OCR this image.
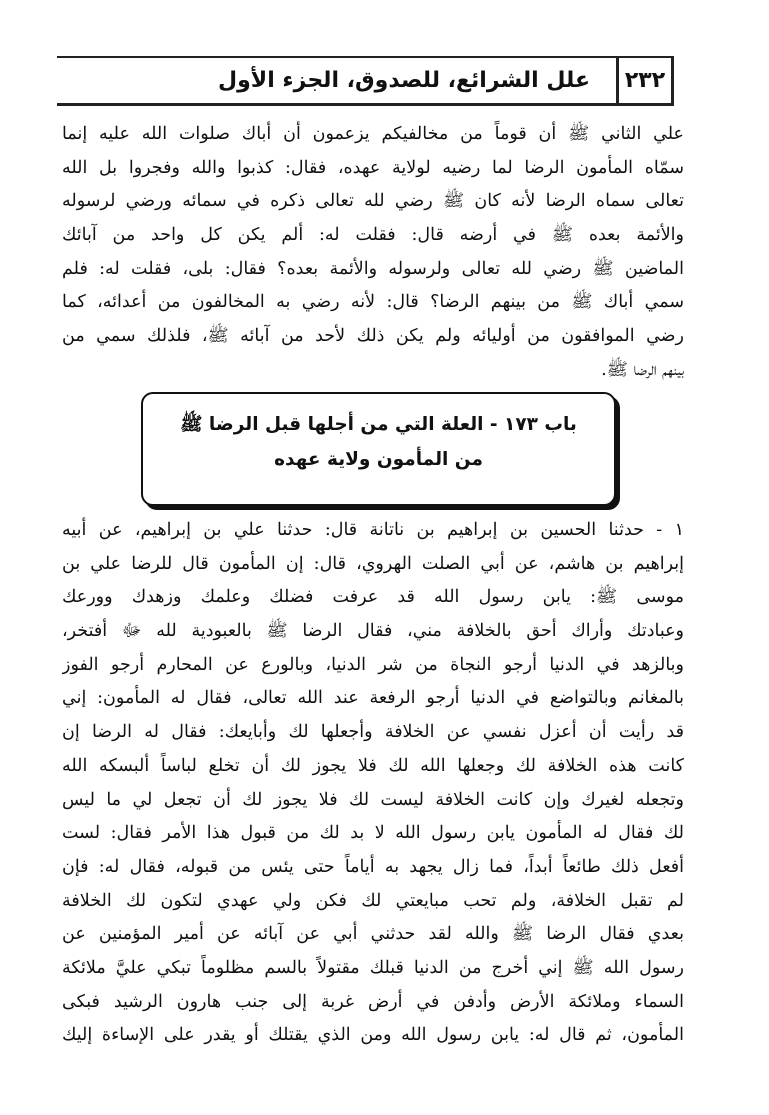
٢٣٢
علل الشرائع، للصدوق، الجزء الأول
علي الثاني ﷺ أن قوماً من مخالفيكم يزعمون أن أباك صلوات الله عليه إنما
سمّاه المأمون الرضا لما رضيه لولاية عهده، فقال: كذبوا والله وفجروا بل الله
تعالى سماه الرضا لأنه كان ﷺ رضي لله تعالى ذكره في سمائه ورضي لرسوله
والأئمة بعده ﷺ في أرضه قال: فقلت له: ألم يكن كل واحد من آبائك
الماضين ﷺ رضي لله تعالى ولرسوله والأئمة بعده؟ فقال: بلى، فقلت له: فلم
سمي أباك ﷺ من بينهم الرضا؟ قال: لأنه رضي به المخالفون من أعدائه، كما
رضي الموافقون من أوليائه ولم يكن ذلك لأحد من آبائه ﷺ، فلذلك سمي من
بينهم الرضا ﷺ.
باب ١٧٣ - العلة التي من أجلها قبل الرضا ﷺ
من المأمون ولاية عهده
١ - حدثنا الحسين بن إبراهيم بن ناتانة قال: حدثنا علي بن إبراهيم، عن أبيه
إبراهيم بن هاشم، عن أبي الصلت الهروي، قال: إن المأمون قال للرضا علي بن
موسى ﷺ: يابن رسول الله قد عرفت فضلك وعلمك وزهدك وورعك
وعبادتك وأراك أحق بالخلافة مني، فقال الرضا ﷺ بالعبودية لله ﷻ أفتخر،
وبالزهد في الدنيا أرجو النجاة من شر الدنيا، وبالورع عن المحارم أرجو الفوز
بالمغانم وبالتواضع في الدنيا أرجو الرفعة عند الله تعالى، فقال له المأمون: إني
قد رأيت أن أعزل نفسي عن الخلافة وأجعلها لك وأبايعك: فقال له الرضا إن
كانت هذه الخلافة لك وجعلها الله لك فلا يجوز لك أن تخلع لباساً ألبسكه الله
وتجعله لغيرك وإن كانت الخلافة ليست لك فلا يجوز لك أن تجعل لي ما ليس
لك فقال له المأمون يابن رسول الله لا بد لك من قبول هذا الأمر فقال: لست
أفعل ذلك طائعاً أبداً، فما زال يجهد به أياماً حتى يئس من قبوله، فقال له: فإن
لم تقبل الخلافة، ولم تحب مبايعتي لك فكن ولي عهدي لتكون لك الخلافة
بعدي فقال الرضا ﷺ والله لقد حدثني أبي عن آبائه عن أمير المؤمنين عن
رسول الله ﷺ إني أخرج من الدنيا قبلك مقتولاً بالسم مظلوماً تبكي عليَّ ملائكة
السماء وملائكة الأرض وأدفن في أرض غربة إلى جنب هارون الرشيد فبكى
المأمون، ثم قال له: يابن رسول الله ومن الذي يقتلك أو يقدر على الإساءة إليك
